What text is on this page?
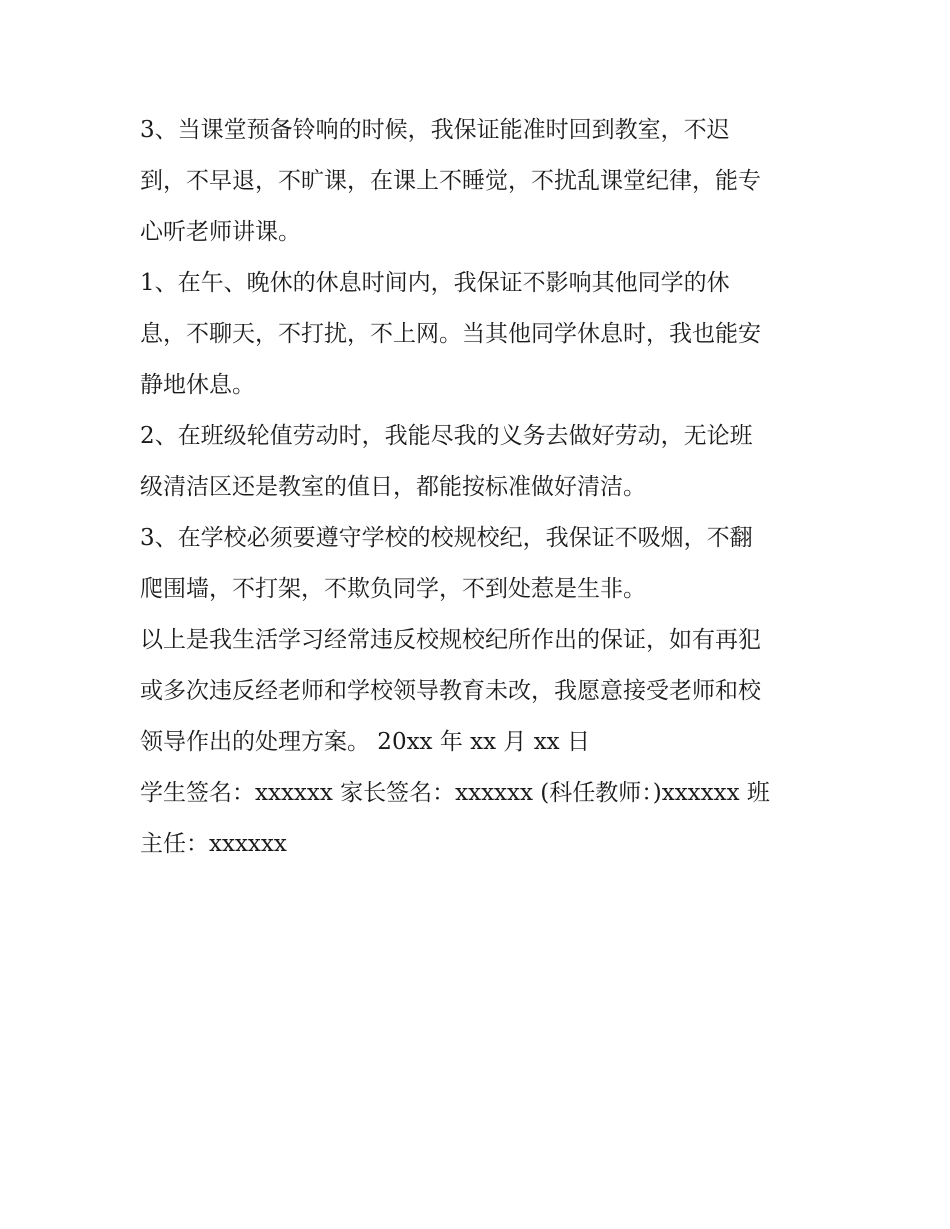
3、当课堂预备铃响的时候，我保证能准时回到教室，不迟
到，不早退，不旷课，在课上不睡觉，不扰乱课堂纪律，能专
心听老师讲课。
1、在午、晚休的休息时间内，我保证不影响其他同学的休
息，不聊天，不打扰，不上网。当其他同学休息时，我也能安
静地休息。
2、在班级轮值劳动时，我能尽我的义务去做好劳动，无论班
级清洁区还是教室的值日，都能按标准做好清洁。
3、在学校必须要遵守学校的校规校纪，我保证不吸烟，不翻
爬围墙，不打架，不欺负同学，不到处惹是生非。
以上是我生活学习经常违反校规校纪所作出的保证，如有再犯
或多次违反经老师和学校领导教育未改，我愿意接受老师和校
领导作出的处理方案。 20xx 年 xx 月 xx 日
学生签名：xxxxxx 家长签名：xxxxxx (科任教师：)xxxxxx 班
主任：xxxxxx
